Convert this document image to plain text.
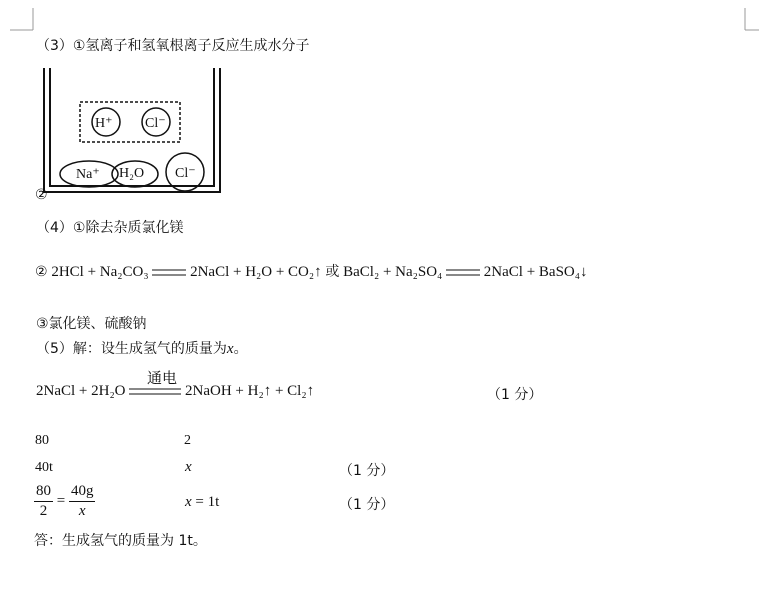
（3）①氢离子和氢氧根离子反应生成水分子
H⁺ Cl⁻
Na⁺ H₂O Cl⁻
②
（4）①除去杂质氯化镁
② 2HCl + Na₂CO₃	2NaCl + H₂O + CO₂↑ 或 BaCl₂ + Na₂SO₄	2NaCl + BaSO₄↓
③氯化镁、硫酸钠
（5）解：设生成氢气的质量为x。
通电
2NaCl + 2H₂O	2NaOH + H₂↑ + Cl₂↑	（1 分）
80	2
40t	x	（1 分）
$\frac{80}{2} = \frac{40g}{x}$	x = 1t	（1 分）
答：生成氢气的质量为 1t。
